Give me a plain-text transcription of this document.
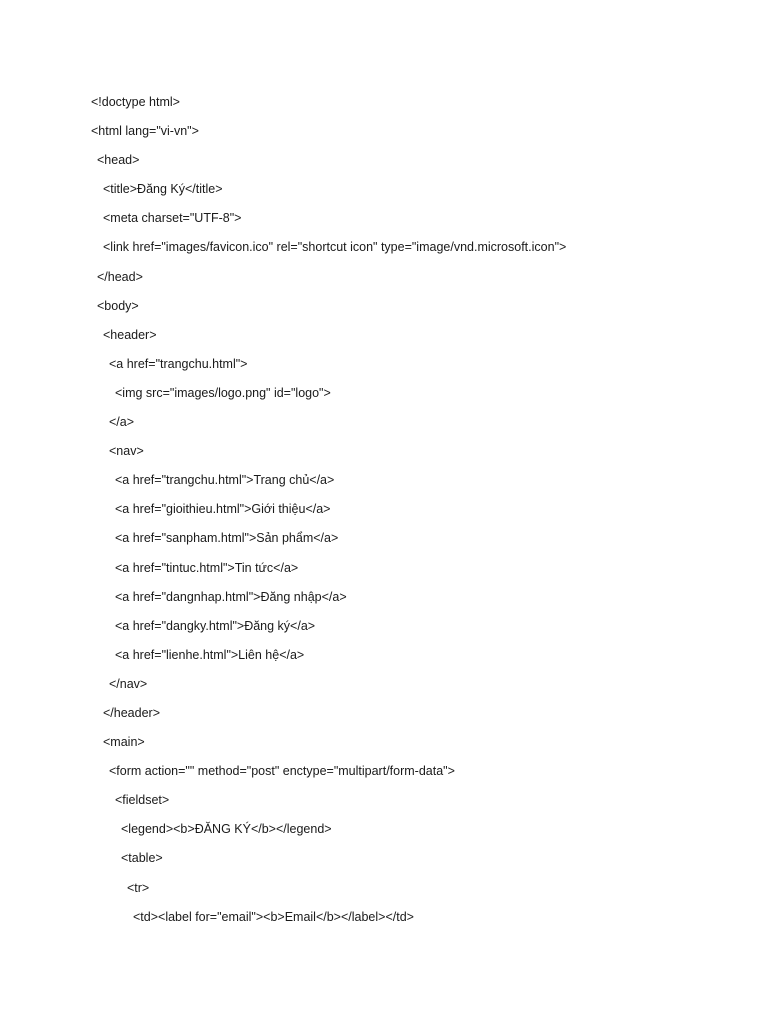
<!doctype html>
<html lang="vi-vn">
<head>
<title>Đăng Ký</title>
<meta charset="UTF-8">
<link href="images/favicon.ico" rel="shortcut icon" type="image/vnd.microsoft.icon">
</head>
<body>
<header>
<a href="trangchu.html">
<img src="images/logo.png" id="logo">
</a>
<nav>
<a href="trangchu.html">Trang chủ</a>
<a href="gioithieu.html">Giới thiệu</a>
<a href="sanpham.html">Sản phẩm</a>
<a href="tintuc.html">Tin tức</a>
<a href="dangnhap.html">Đăng nhập</a>
<a href="dangky.html">Đăng ký</a>
<a href="lienhe.html">Liên hệ</a>
</nav>
</header>
<main>
<form action="" method="post" enctype="multipart/form-data">
<fieldset>
<legend><b>ĐĂNG KÝ</b></legend>
<table>
<tr>
<td><label for="email"><b>Email</b></label></td>
